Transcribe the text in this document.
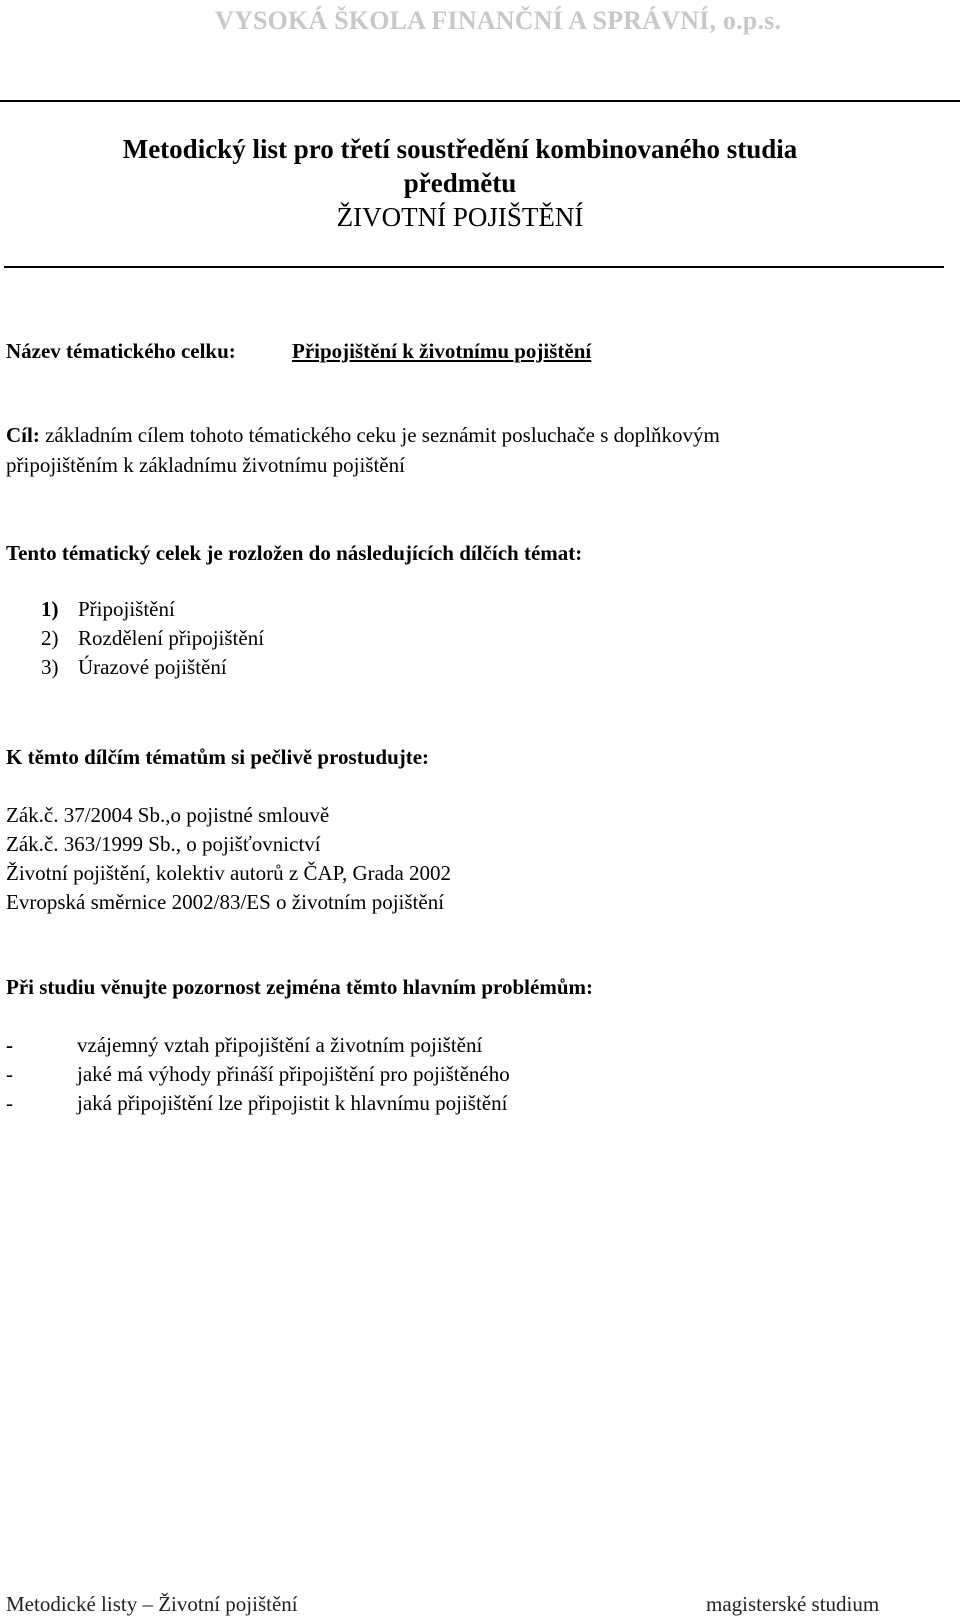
VYSOKÁ ŠKOLA FINANČNÍ A SPRÁVNÍ, o.p.s.
Metodický list pro třetí soustředění kombinovaného studia
předmětu
ŽIVOTNÍ POJIŠTĚNÍ
Název tématického celku:	Připojištění k životnímu pojištění
Cíl: základním cílem tohoto tématického ceku je seznámit posluchače s doplňkovým
připojištěním k základnímu životnímu pojištění
Tento tématický celek je rozložen do následujících dílčích témat:
1) Připojištění
2) Rozdělení připojištění
3) Úrazové pojištění
K těmto dílčím tématům si pečlivě prostudujte:
Zák.č. 37/2004 Sb.,o pojistné smlouvě
Zák.č. 363/1999 Sb., o pojišťovnictví
Životní pojištění, kolektiv autorů z ČAP, Grada 2002
Evropská směrnice 2002/83/ES o životním pojištění
Při studiu věnujte pozornost zejména těmto hlavním problémům:
-	vzájemný vztah připojištění a životním pojištění
-	jaké má výhody přináší připojištění pro pojištěného
-	jaká připojištění lze připojistit k hlavnímu pojištění
Metodické listy – Životní pojištění	magisterské studium
